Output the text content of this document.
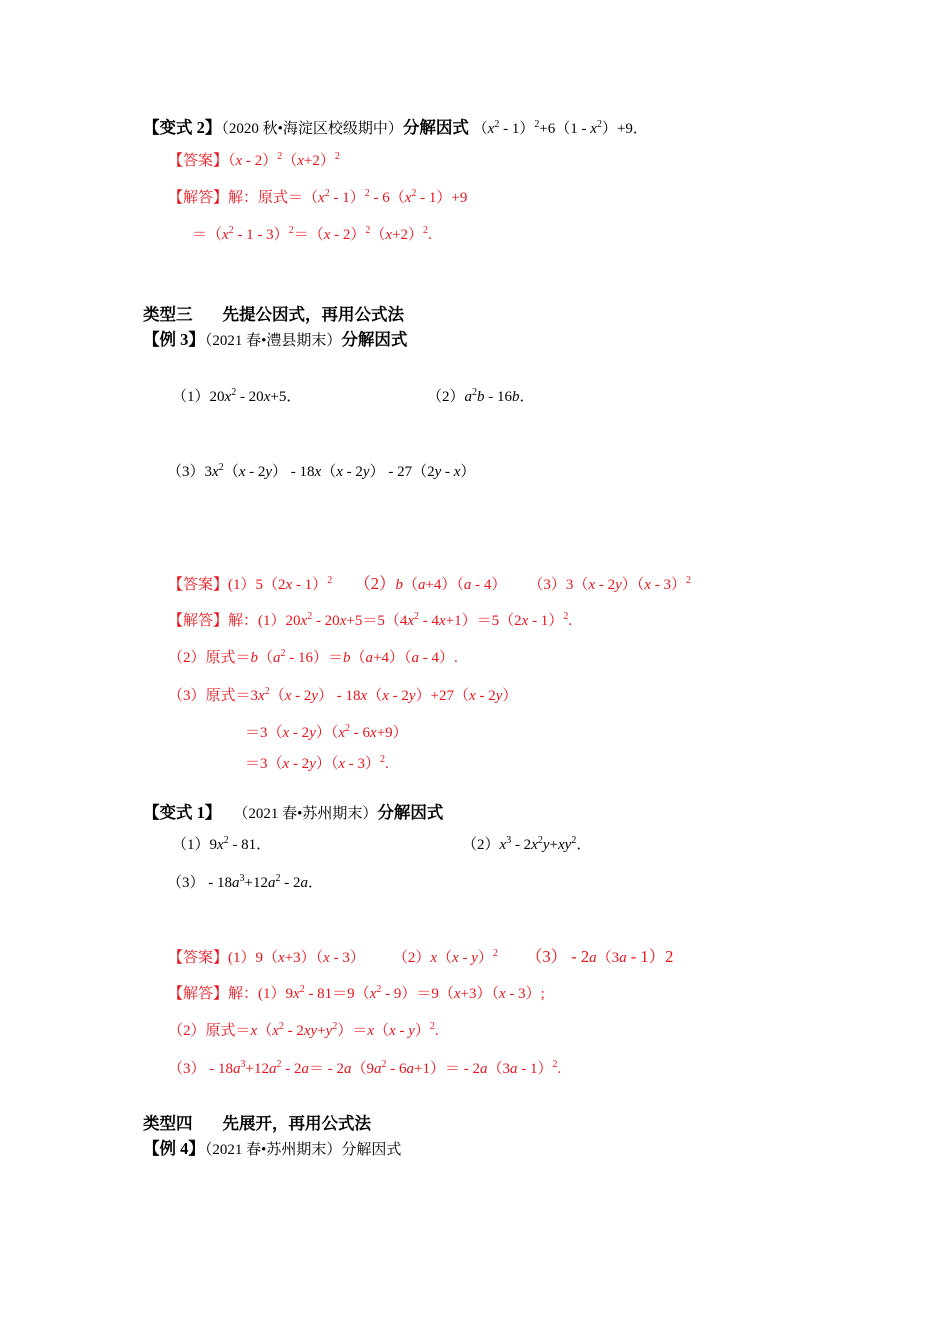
【变式 2】（2020 秋•海淀区校级期中）分解因式 （$x^2$ ‑ 1）$^2$+6（1 ‑ $x^2)+9$．
【答案】（x ‑ $2)^2(x+2)^2$
【解答】解：原式$=(x^2$ ‑ 1）$^2$ ‑ $6(x^2$ ‑ 1）+9
$=(x^2$ ‑ 1 ‑ 3）$^2$＝（x ‑ $2)^2(x+2)^2$.
类型三 先提公因式，再用公式法
【例 3】（2021 春•澧县期末）分解因式
$(1)20x^2$ ‑ 20x+5．	$(2)a^2b$ ‑ 16b．
$(3)3x^2(x$ ‑ 2y） ‑ 18x（x ‑ 2y） ‑ 27（2y ‑ x）
【答案】(1）5（2x ‑ 1）$^2$ （2）b（a+4）（a ‑ 4） （3）3（x ‑ 2y）（x ‑ 3）$^2$
【解答】解：$(1)20x^2$ ‑ $20x+5=5(4x^2$ ‑ 4x+1）＝5（2x ‑ 1）$^2$.
（2）原式$=b(a^2$ ‑ 16）＝b（a+4）（a ‑ 4）.
（3）原式$=3x^2(x$ ‑ 2y） ‑ 18x（x ‑ 2y）+27（x ‑ 2y）
＝3（x ‑ $2y)(x^2$ ‑ 6x+9）
＝3（x ‑ 2y）（x ‑ 3）$^2$.
【变式 1】 （2021 春•苏州期末）分解因式
$(1)9x^2$ ‑ 81．	$(2)x^3$ ‑ $2x^2y+xy^2$．
（3） ‑ $18a^3+12a^2$ ‑ 2a．
【答案】(1）9（x+3）（x ‑ 3） （2）x（x ‑ y）$^2$ （3） ‑ 2a（3a ‑ 1）2
【解答】解：$(1)9x^2$ ‑ $81=9(x^2$ ‑ 9）＝9（x+3）（x ‑ 3）;
（2）原式$=x(x^2$ ‑ $2xy+y^2)=x(x$ ‑ y）$^2$.
（3） ‑ $18a^3+12a^2$ ‑ 2a＝ ‑ $2a(9a^2$ ‑ 6a+1）＝ ‑ 2a（3a ‑ 1）$^2$.
类型四 先展开，再用公式法
【例 4】（2021 春•苏州期末）分解因式
